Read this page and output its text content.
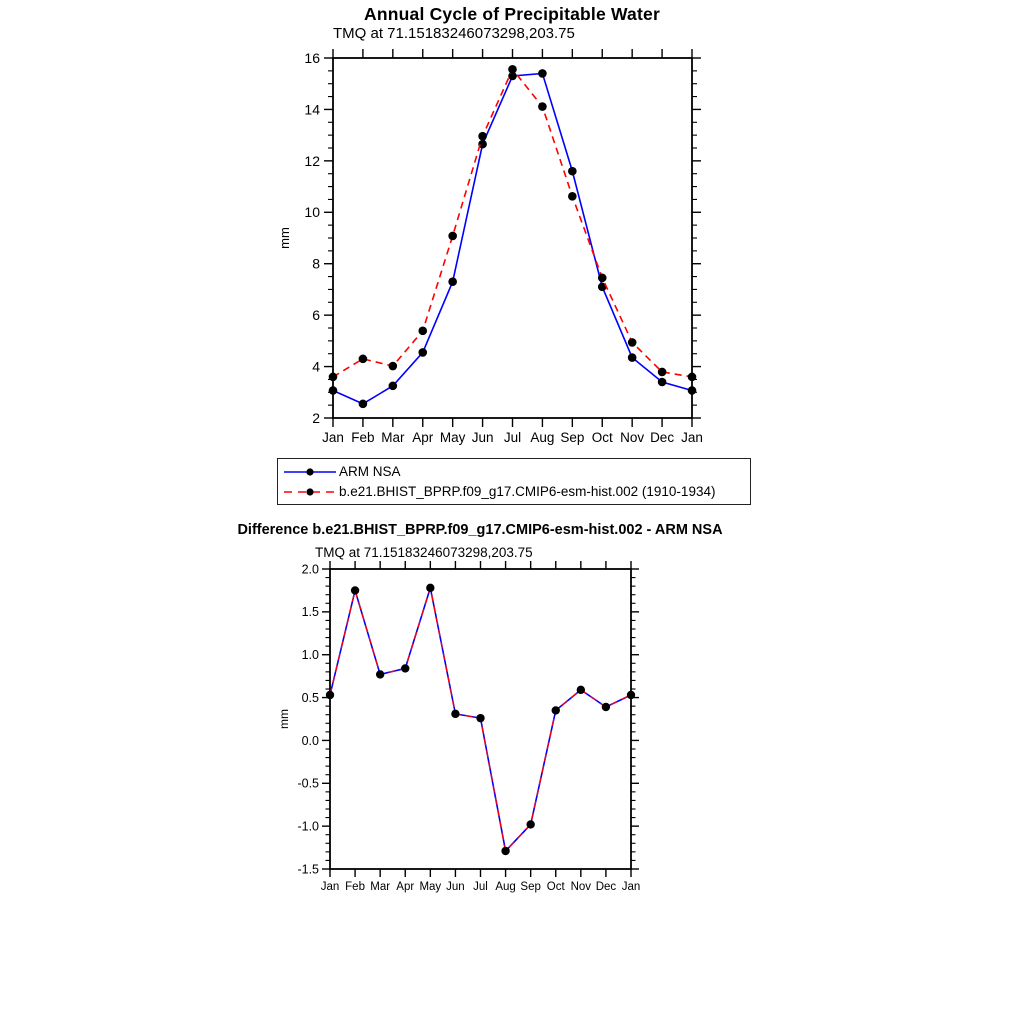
Annual Cycle of Precipitable Water
TMQ at 71.15183246073298,203.75
Jan Feb Mar Apr May Jun Jul Aug Sep Oct Nov Dec Jan
2
4
6
8
10
12
14
16
mm
Jan Feb Mar Apr May Jun Jul Aug Sep Oct Nov Dec Jan
-1.5
-1.0
-0.5
0.0
0.5
1.0
1.5
2.0
mm
ARM NSA
b.e21.BHIST_BPRP.f09_g17.CMIP6-esm-hist.002 (1910-1934)
Difference b.e21.BHIST_BPRP.f09_g17.CMIP6-esm-hist.002 - ARM NSA
TMQ at 71.15183246073298,203.75
